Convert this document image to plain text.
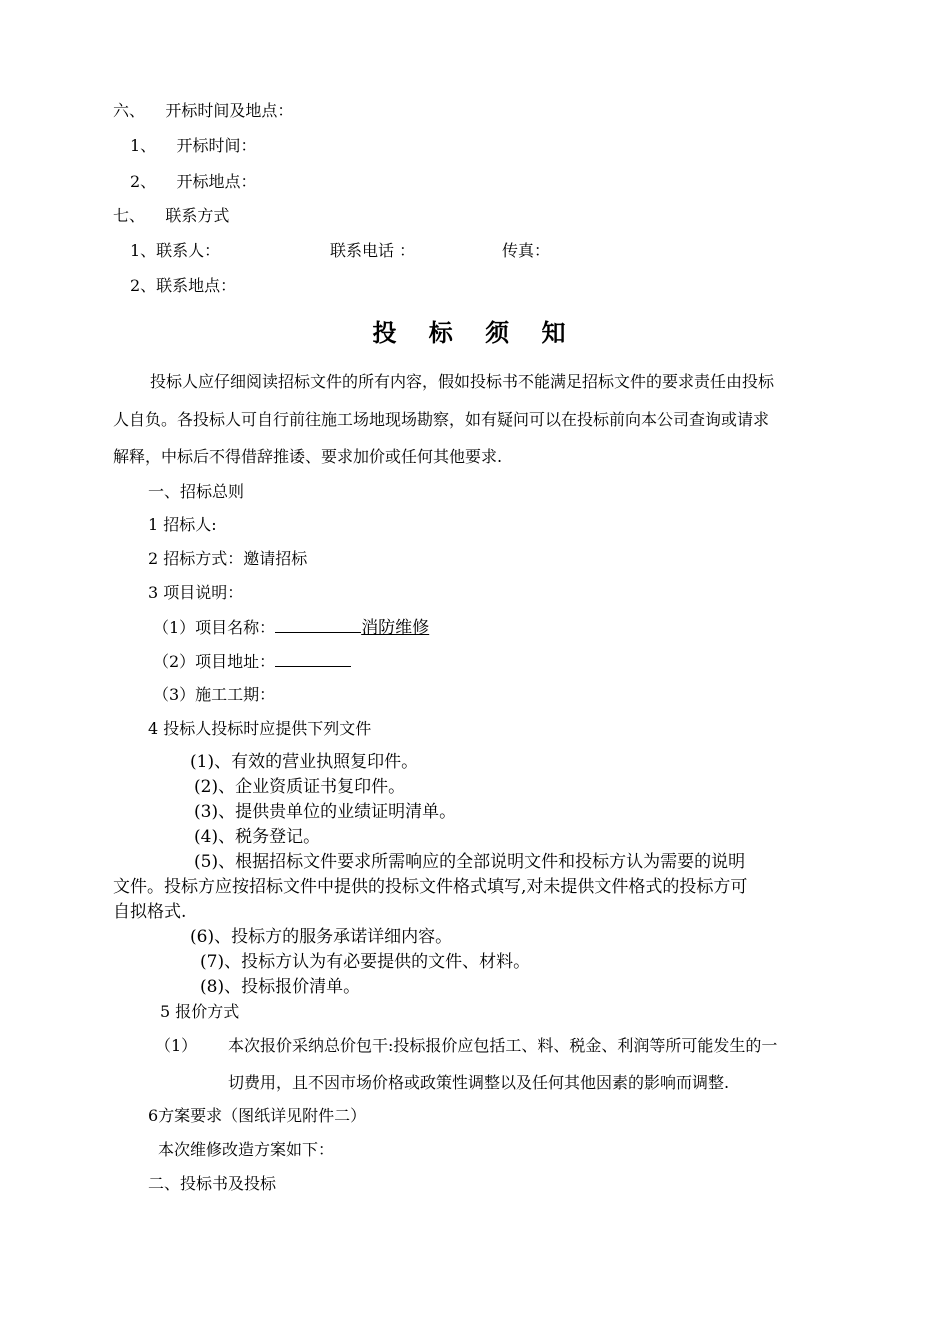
六、    开标时间及地点：
1、    开标时间：
2、    开标地点：
七、    联系方式
1、联系人：	联系电话 ：	传真：
2、联系地点：
投 标 须 知
投标人应仔细阅读招标文件的所有内容，假如投标书不能满足招标文件的要求责任由投标
人自负。各投标人可自行前往施工场地现场勘察，如有疑问可以在投标前向本公司查询或请求
解释，中标后不得借辞推诿、要求加价或任何其他要求.
一、招标总则
1 招标人:
2 招标方式：邀请招标
3 项目说明：
（1）项目名称：	消防维修
（2）项目地址：
（3）施工工期：
4 投标人投标时应提供下列文件
(1)、有效的营业执照复印件。
(2)、企业资质证书复印件。
(3)、提供贵单位的业绩证明清单。
(4)、税务登记。
(5)、根据招标文件要求所需响应的全部说明文件和投标方认为需要的说明
文件。投标方应按招标文件中提供的投标文件格式填写,对未提供文件格式的投标方可
自拟格式.
(6)、投标方的服务承诺详细内容。
(7)、投标方认为有必要提供的文件、材料。
(8)、投标报价清单。
5 报价方式
（1） 本次报价采纳总价包干:投标报价应包括工、料、税金、利润等所可能发生的一
切费用，且不因市场价格或政策性调整以及任何其他因素的影响而调整.
6方案要求（图纸详见附件二）
本次维修改造方案如下：
二、投标书及投标
